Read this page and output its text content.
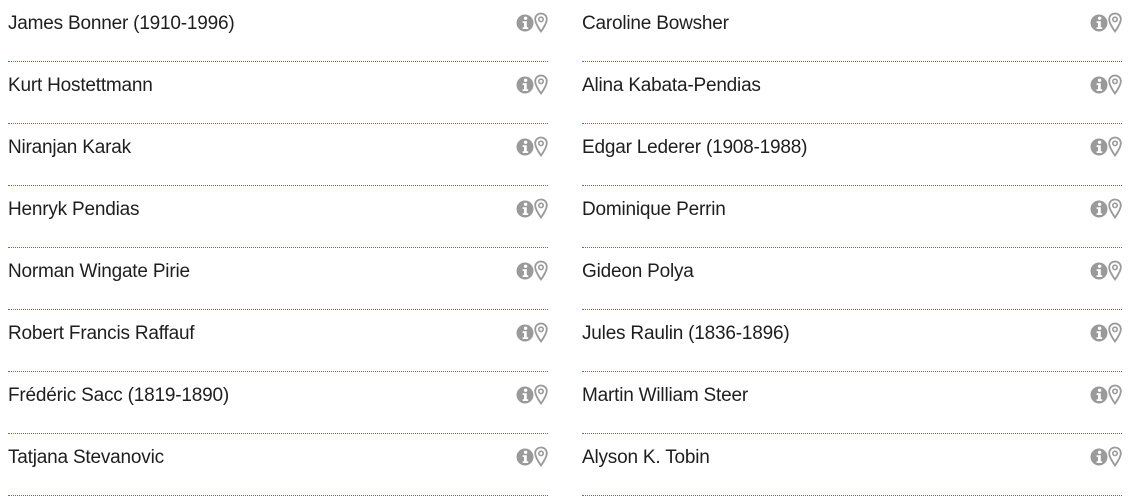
James Bonner (1910-1996)
Kurt Hostettmann
Niranjan Karak
Henryk Pendias
Norman Wingate Pirie
Robert Francis Raffauf
Frédéric Sacc (1819-1890)
Tatjana Stevanovic
Caroline Bowsher
Alina Kabata-Pendias
Edgar Lederer (1908-1988)
Dominique Perrin
Gideon Polya
Jules Raulin (1836-1896)
Martin William Steer
Alyson K. Tobin
